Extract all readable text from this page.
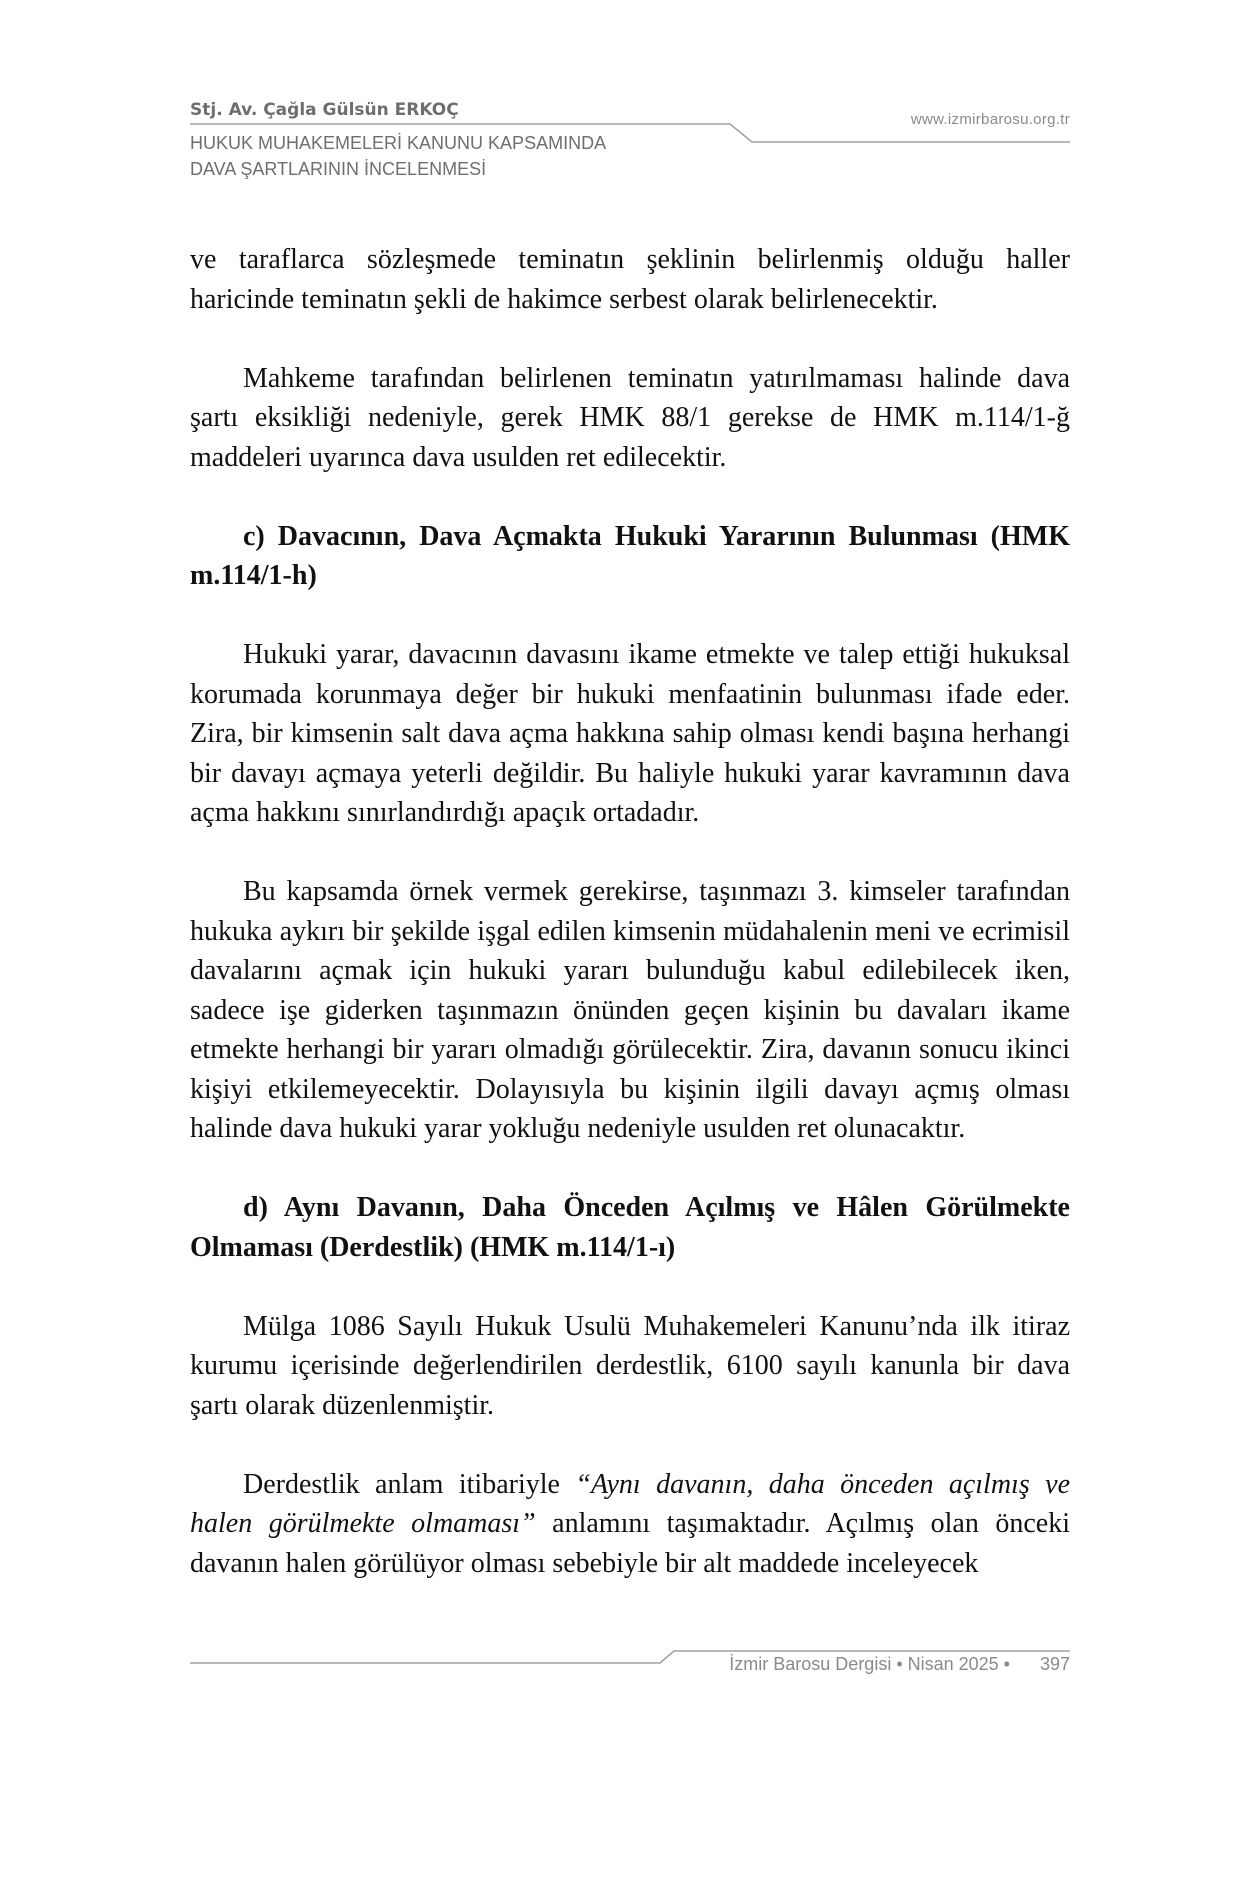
Stj. Av. Çağla Gülsün ERKOÇ

HUKUK MUHAKEMELERİ KANUNU KAPSAMINDA
DAVA ŞARTLARININ İNCELENMESİ

www.izmirbarosu.org.tr

ve taraflarca sözleşmede teminatın şeklinin belirlenmiş olduğu haller haricinde teminatın şekli de hakimce serbest olarak belirlenecektir.

Mahkeme tarafından belirlenen teminatın yatırılmaması halinde dava şartı eksikliği nedeniyle, gerek HMK 88/1 gerekse de HMK m.114/1-ğ maddeleri uyarınca dava usulden ret edilecektir.

c) Davacının, Dava Açmakta Hukuki Yararının Bulunması (HMK m.114/1-h)

Hukuki yarar, davacının davasını ikame etmekte ve talep ettiği hukuksal korumada korunmaya değer bir hukuki menfaatinin bulunması ifade eder. Zira, bir kimsenin salt dava açma hakkına sahip olması kendi başına herhangi bir davayı açmaya yeterli değildir. Bu haliyle hukuki yarar kavramının dava açma hakkını sınırlandırdığı apaçık ortadadır.

Bu kapsamda örnek vermek gerekirse, taşınmazı 3. kimseler tarafından hukuka aykırı bir şekilde işgal edilen kimsenin müdahalenin meni ve ecrimisil davalarını açmak için hukuki yararı bulunduğu kabul edilebilecek iken, sadece işe giderken taşınmazın önünden geçen kişinin bu davaları ikame etmekte herhangi bir yararı olmadığı görülecektir. Zira, davanın sonucu ikinci kişiyi etkilemeyecektir. Dolayısıyla bu kişinin ilgili davayı açmış olması halinde dava hukuki yarar yokluğu nedeniyle usulden ret olunacaktır.

d) Aynı Davanın, Daha Önceden Açılmış ve Hâlen Görülmekte Olmaması (Derdestlik) (HMK m.114/1-ı)

Mülga 1086 Sayılı Hukuk Usulü Muhakemeleri Kanunu’nda ilk itiraz kurumu içerisinde değerlendirilen derdestlik, 6100 sayılı kanunla bir dava şartı olarak düzenlenmiştir.

Derdestlik anlam itibariyle “Aynı davanın, daha önceden açılmış ve halen görülmekte olmaması” anlamını taşımaktadır. Açılmış olan önceki davanın halen görülüyor olması sebebiyle bir alt maddede inceleyecek

İzmir Barosu Dergisi • Nisan 2025 • 397
